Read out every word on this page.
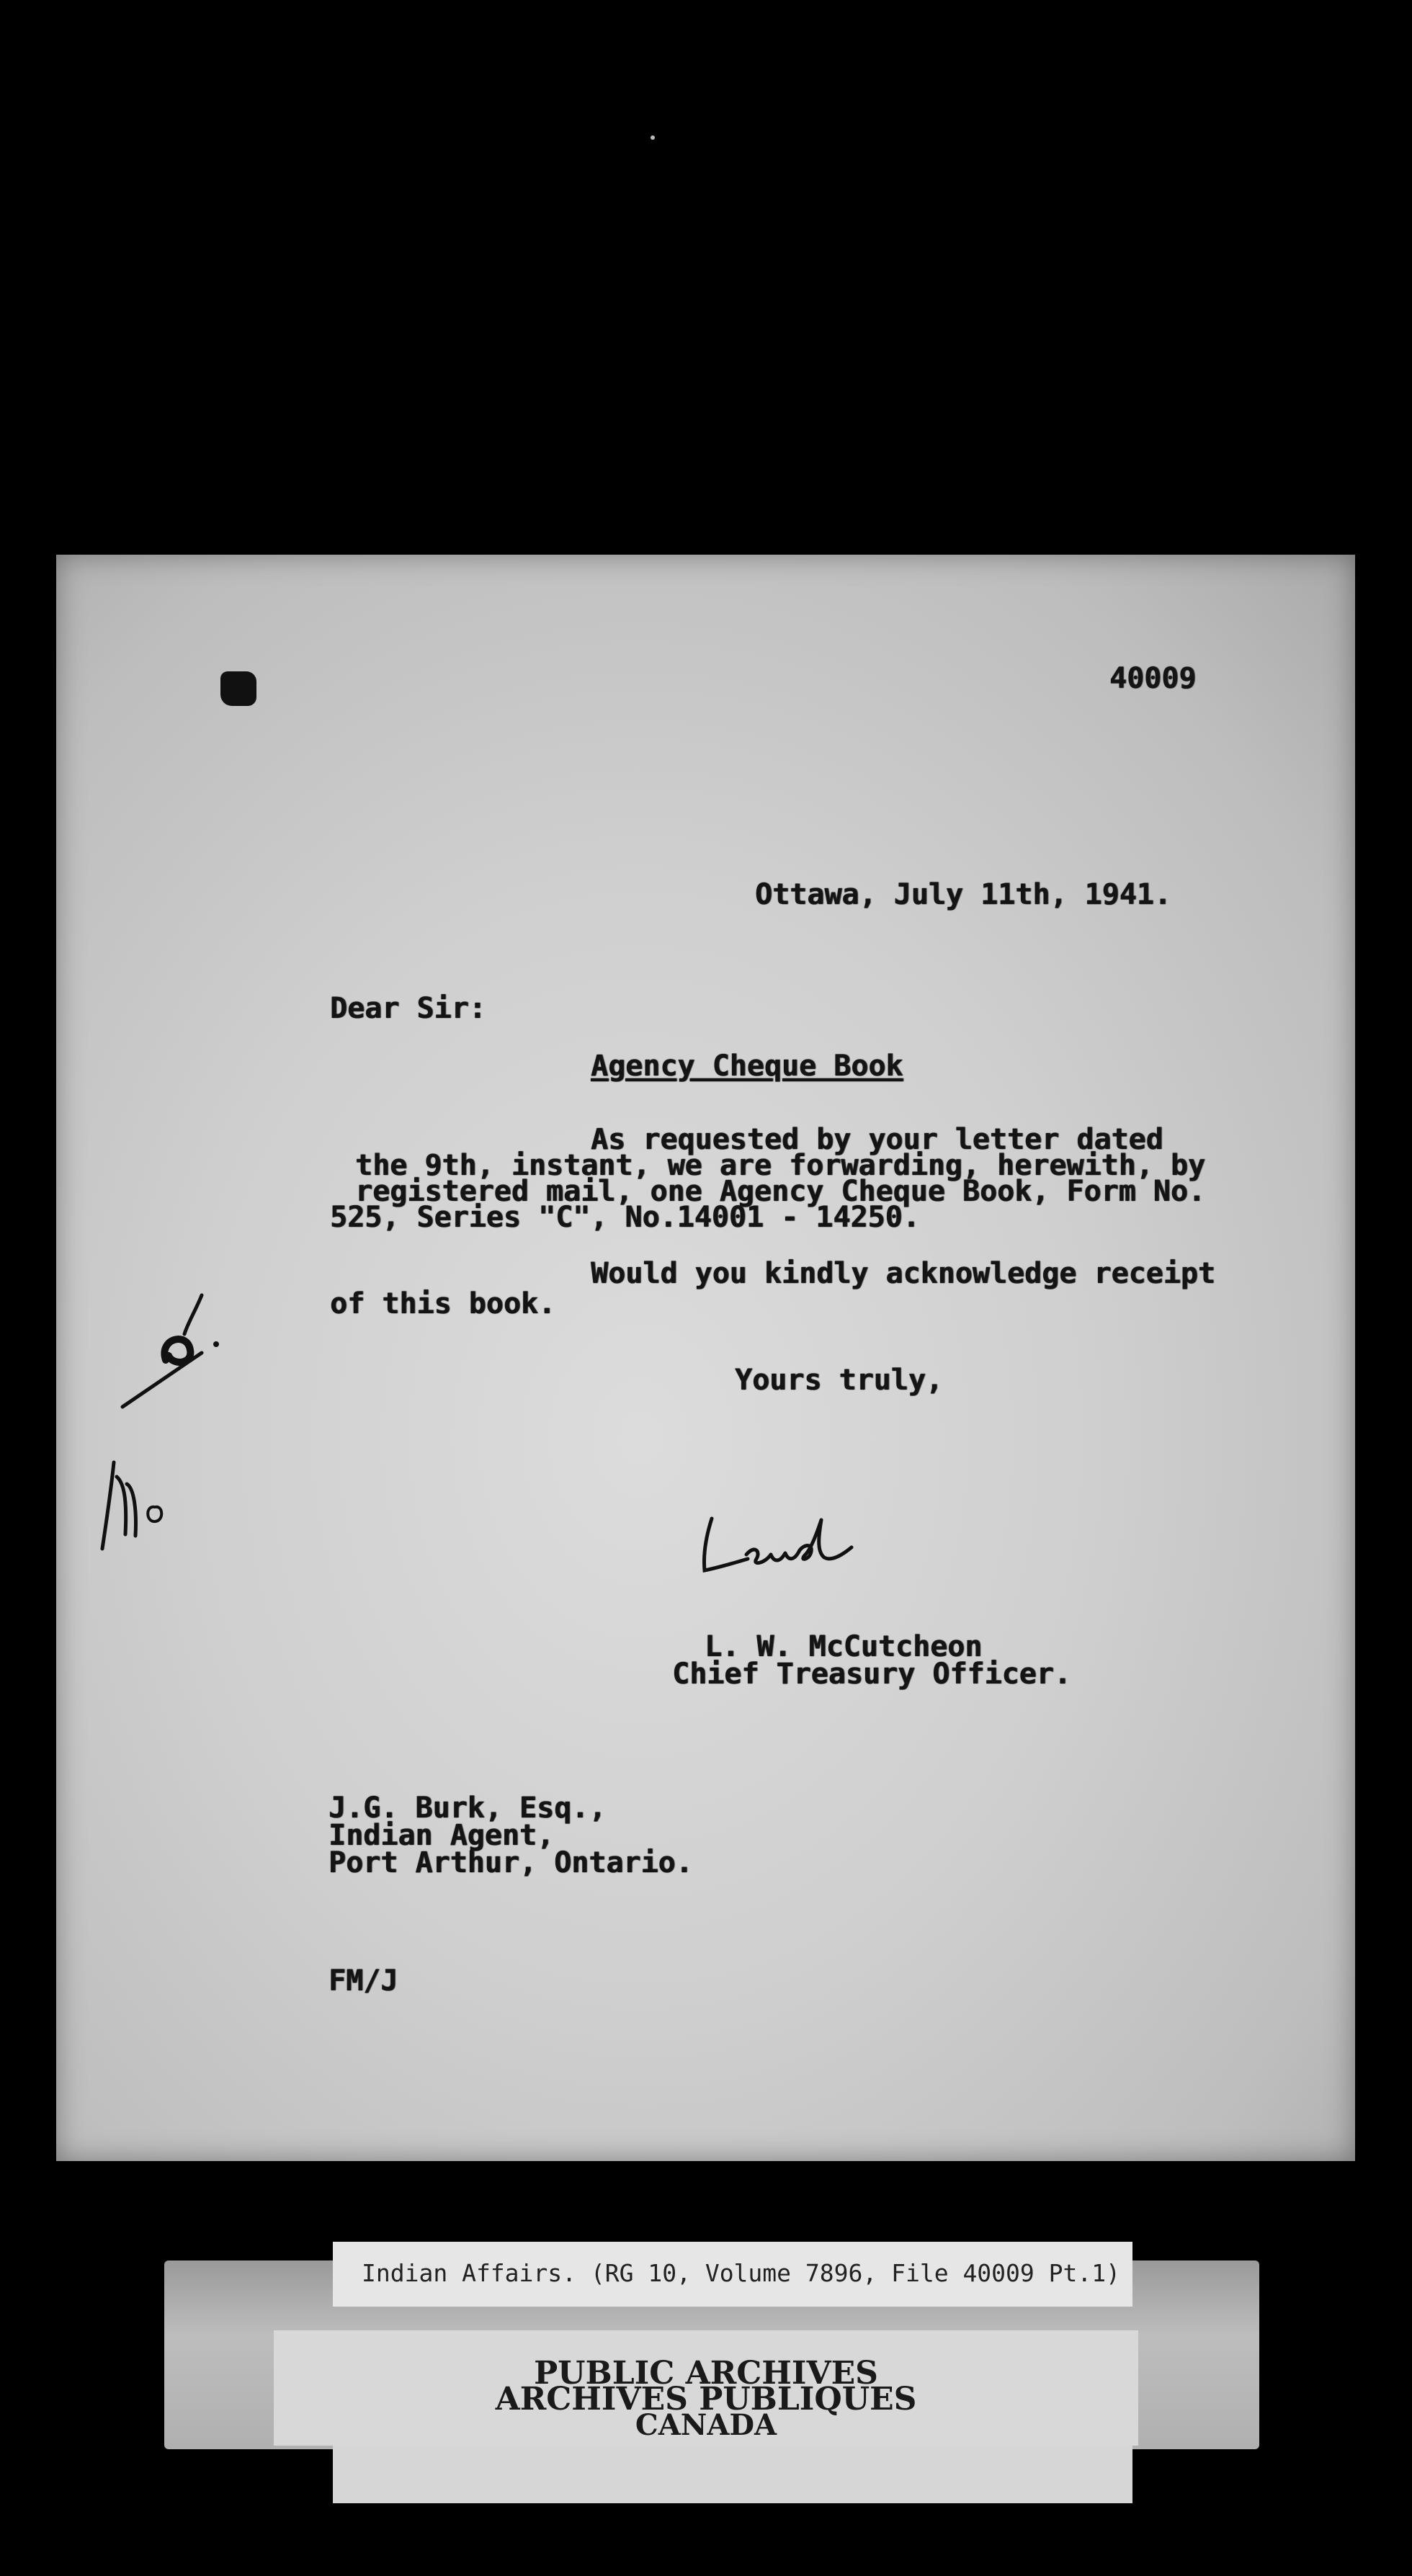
40009
Ottawa, July 11th, 1941.
Dear Sir:
Agency Cheque Book
As requested by your letter dated
the 9th, instant, we are forwarding, herewith, by
registered mail, one Agency Cheque Book, Form No.
525, Series "C", No.14001 - 14250.
Would you kindly acknowledge receipt
of this book.
Yours truly,
L. W. McCutcheon
Chief Treasury Officer.
J.G. Burk, Esq.,
Indian Agent,
Port Arthur, Ontario.
FM/J
Indian Affairs. (RG 10, Volume 7896, File 40009 Pt.1)
PUBLIC ARCHIVES
ARCHIVES PUBLIQUES
CANADA
